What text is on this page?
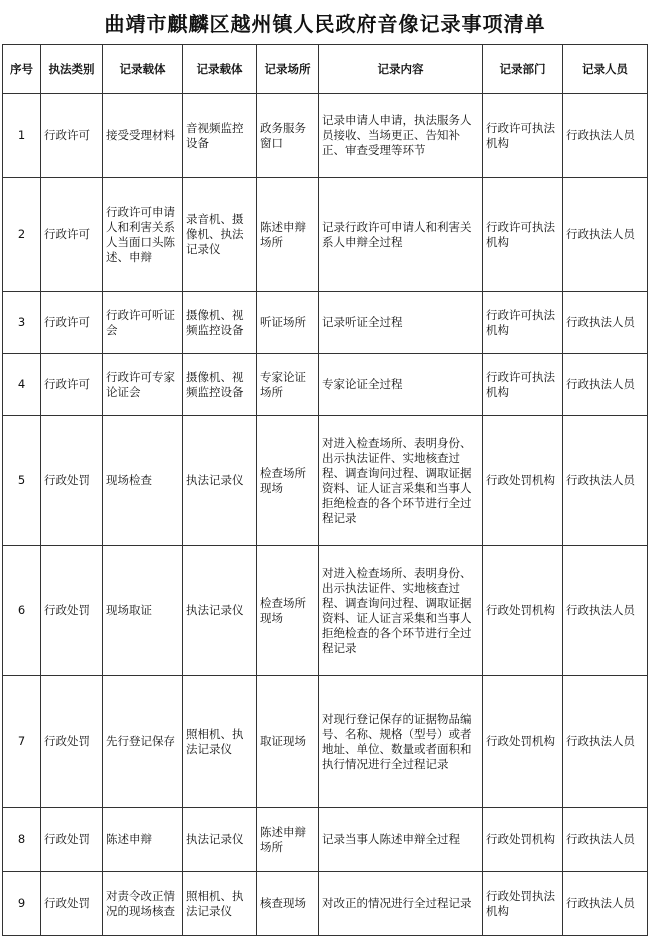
曲靖市麒麟区越州镇人民政府音像记录事项清单
序号	执法类别	记录载体	记录载体	记录场所	记录内容	记录部门	记录人员
1	行政许可	接受受理材料	音视频监控设备	政务服务窗口	记录申请人申请，执法服务人员接收、当场更正、告知补正、审查受理等环节	行政许可执法机构	行政执法人员
2	行政许可	行政许可申请人和利害关系人当面口头陈述、申辩	录音机、摄像机、执法记录仪	陈述申辩场所	记录行政许可申请人和利害关系人申辩全过程	行政许可执法机构	行政执法人员
3	行政许可	行政许可听证会	摄像机、视频监控设备	听证场所	记录听证全过程	行政许可执法机构	行政执法人员
4	行政许可	行政许可专家论证会	摄像机、视频监控设备	专家论证场所	专家论证全过程	行政许可执法机构	行政执法人员
5	行政处罚	现场检查	执法记录仪	检查场所现场	对进入检查场所、表明身份、出示执法证件、实地核查过程、调查询问过程、调取证据资料、证人证言采集和当事人拒绝检查的各个环节进行全过程记录	行政处罚机构	行政执法人员
6	行政处罚	现场取证	执法记录仪	检查场所现场	对进入检查场所、表明身份、出示执法证件、实地核查过程、调查询问过程、调取证据资料、证人证言采集和当事人拒绝检查的各个环节进行全过程记录	行政处罚机构	行政执法人员
7	行政处罚	先行登记保存	照相机、执法记录仪	取证现场	对现行登记保存的证据物品编号、名称、规格（型号）或者地址、单位、数量或者面积和执行情况进行全过程记录	行政处罚机构	行政执法人员
8	行政处罚	陈述申辩	执法记录仪	陈述申辩场所	记录当事人陈述申辩全过程	行政处罚机构	行政执法人员
9	行政处罚	对责令改正情况的现场核查	照相机、执法记录仪	核查现场	对改正的情况进行全过程记录	行政处罚执法机构	行政执法人员
